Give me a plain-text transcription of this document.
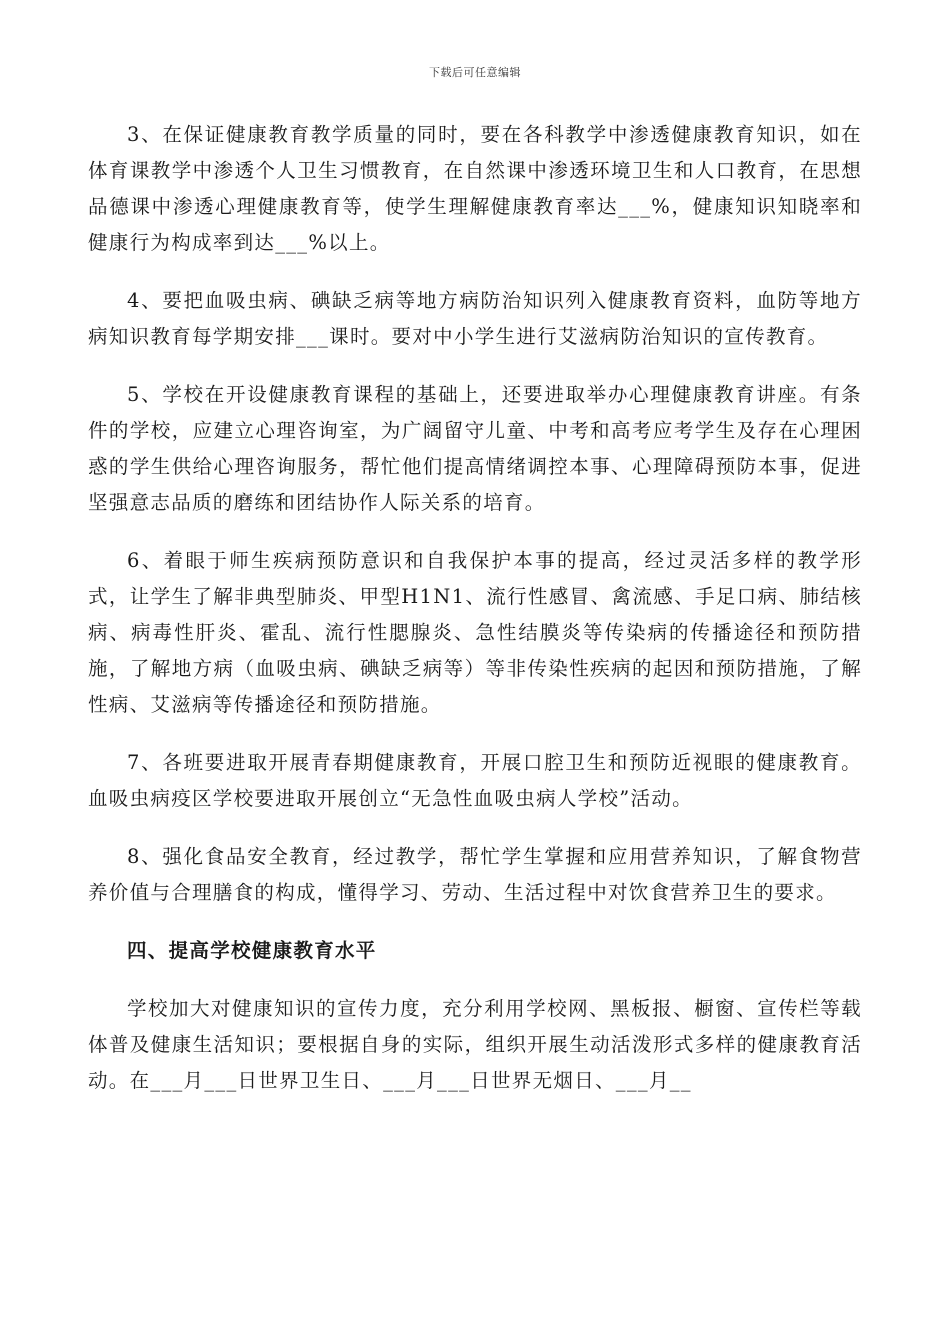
下载后可任意编辑

3、在保证健康教育教学质量的同时，要在各科教学中渗透健康教育知识，如在体育课教学中渗透个人卫生习惯教育，在自然课中渗透环境卫生和人口教育，在思想品德课中渗透心理健康教育等，使学生理解健康教育率达___%，健康知识知晓率和健康行为构成率到达___%以上。

4、要把血吸虫病、碘缺乏病等地方病防治知识列入健康教育资料，血防等地方病知识教育每学期安排___课时。要对中小学生进行艾滋病防治知识的宣传教育。

5、学校在开设健康教育课程的基础上，还要进取举办心理健康教育讲座。有条件的学校，应建立心理咨询室，为广阔留守儿童、中考和高考应考学生及存在心理困惑的学生供给心理咨询服务，帮忙他们提高情绪调控本事、心理障碍预防本事，促进坚强意志品质的磨练和团结协作人际关系的培育。

6、着眼于师生疾病预防意识和自我保护本事的提高，经过灵活多样的教学形式，让学生了解非典型肺炎、甲型H1N1、流行性感冒、禽流感、手足口病、肺结核病、病毒性肝炎、霍乱、流行性腮腺炎、急性结膜炎等传染病的传播途径和预防措施，了解地方病（血吸虫病、碘缺乏病等）等非传染性疾病的起因和预防措施，了解性病、艾滋病等传播途径和预防措施。

7、各班要进取开展青春期健康教育，开展口腔卫生和预防近视眼的健康教育。血吸虫病疫区学校要进取开展创立“无急性血吸虫病人学校”活动。

8、强化食品安全教育，经过教学，帮忙学生掌握和应用营养知识，了解食物营养价值与合理膳食的构成，懂得学习、劳动、生活过程中对饮食营养卫生的要求。

四、提高学校健康教育水平

学校加大对健康知识的宣传力度，充分利用学校网、黑板报、橱窗、宣传栏等载体普及健康生活知识；要根据自身的实际，组织开展生动活泼形式多样的健康教育活动。在___月___日世界卫生日、___月___日世界无烟日、___月__
